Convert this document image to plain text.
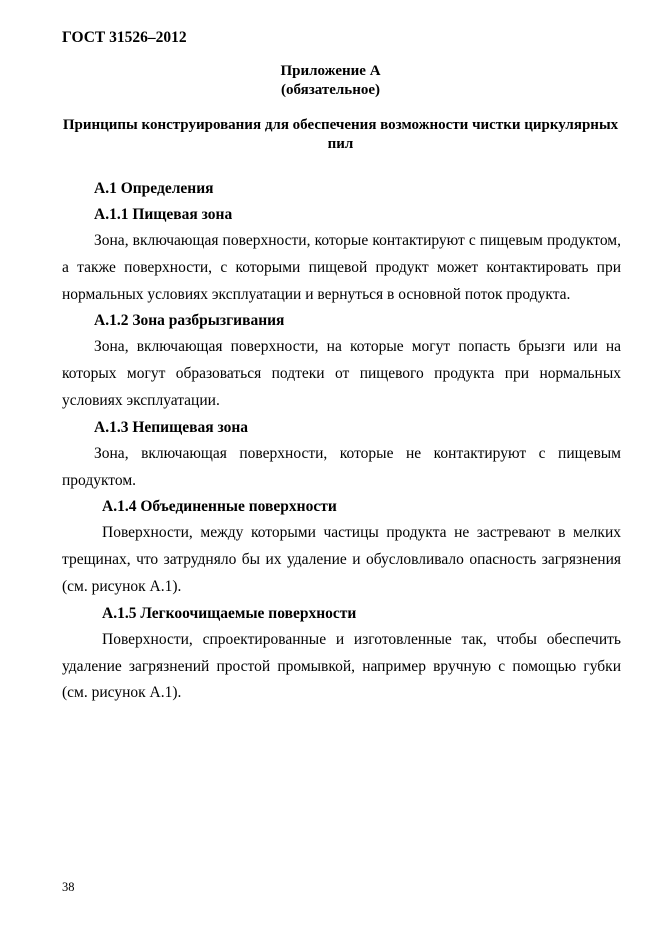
ГОСТ 31526–2012
Приложение А
(обязательное)
Принципы конструирования для обеспечения возможности чистки циркулярных пил

А.1 Определения

А.1.1 Пищевая зона

Зона, включающая поверхности, которые контактируют с пищевым продуктом, а также поверхности, с которыми пищевой продукт может контактировать при нормальных условиях эксплуатации и вернуться в основной поток продукта.

А.1.2 Зона разбрызгивания

Зона, включающая поверхности, на которые могут попасть брызги или на которых могут образоваться подтеки от пищевого продукта при нормальных условиях эксплуатации.

А.1.3 Непищевая зона

Зона, включающая поверхности, которые не контактируют с пищевым продуктом.

А.1.4 Объединенные поверхности

Поверхности, между которыми частицы продукта не застревают в мелких трещинах, что затрудняло бы их удаление и обусловливало опасность загрязнения (см. рисунок А.1).

А.1.5 Легкоочищаемые поверхности

Поверхности, спроектированные и изготовленные так, чтобы обеспечить удаление загрязнений простой промывкой, например вручную с помощью губки (см. рисунок А.1).

38
